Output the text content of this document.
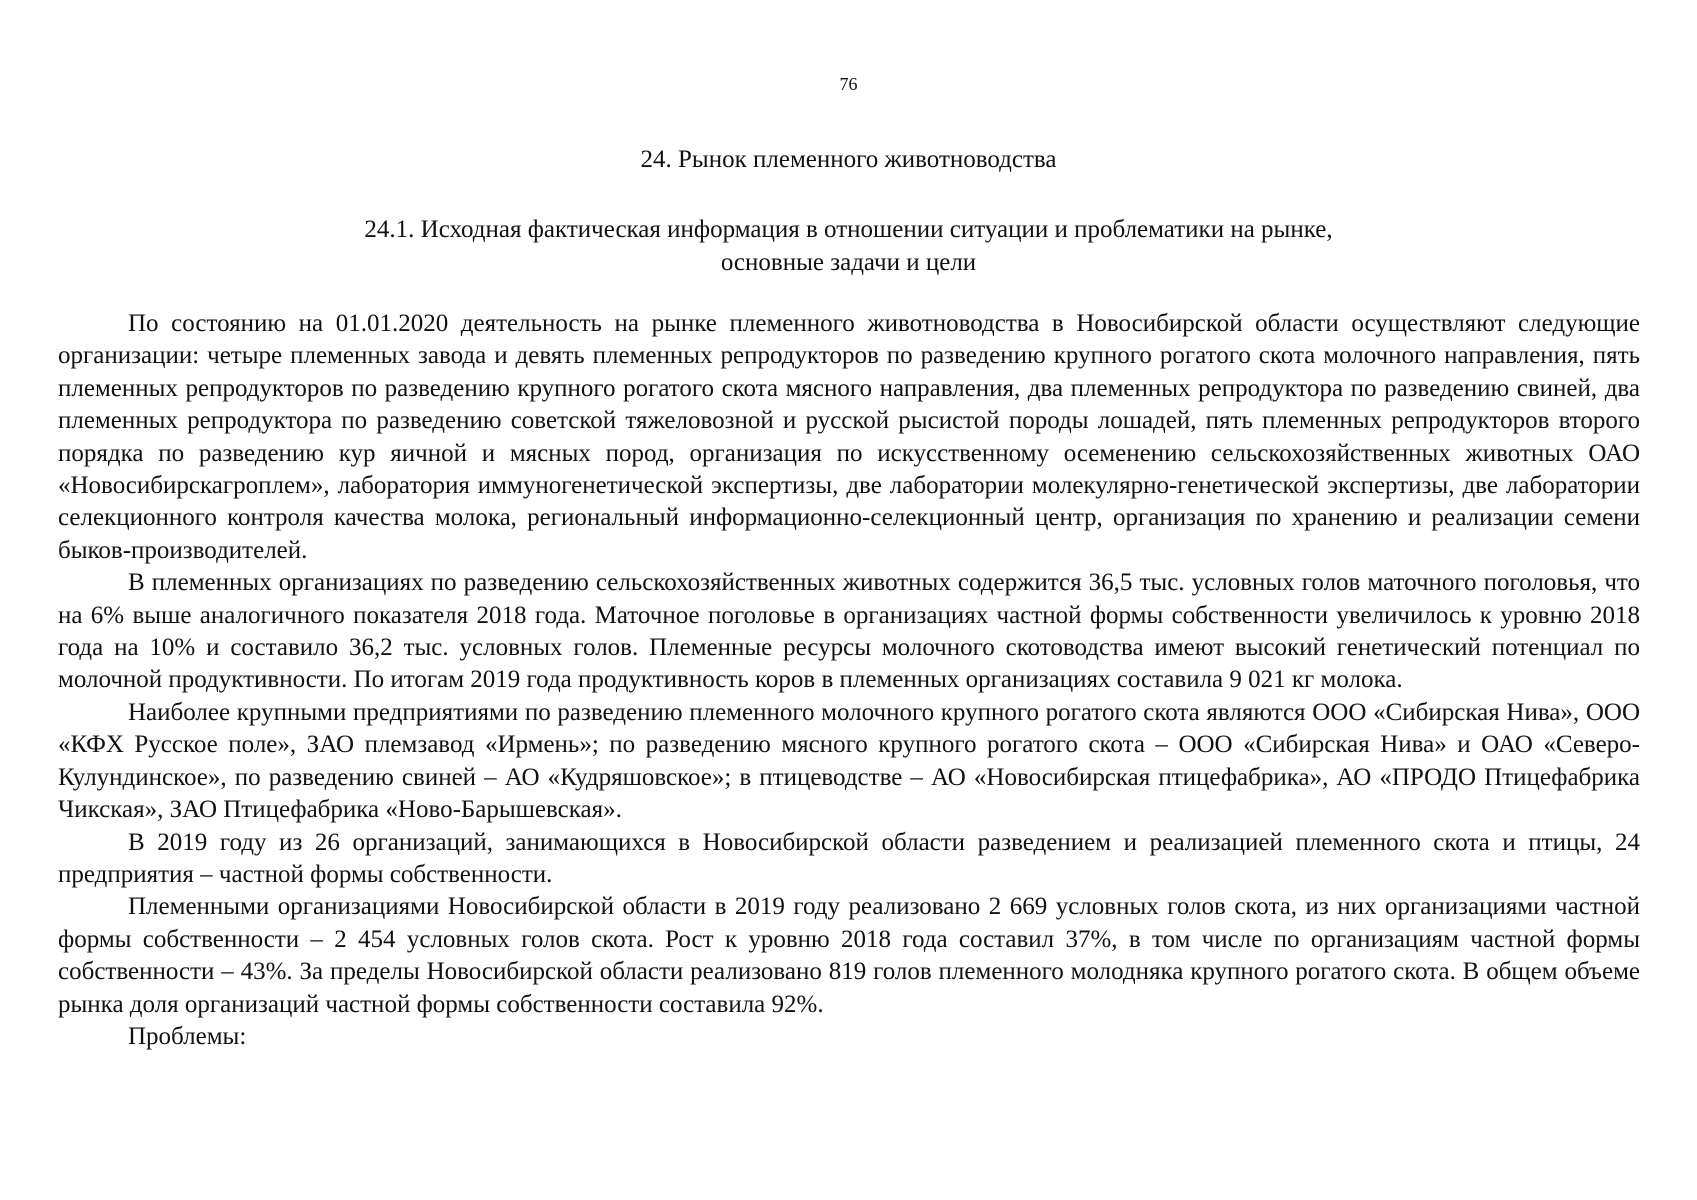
76
24. Рынок племенного животноводства
24.1. Исходная фактическая информация в отношении ситуации и проблематики на рынке,
основные задачи и цели

По состоянию на 01.01.2020 деятельность на рынке племенного животноводства в Новосибирской области осуществляют следующие организации: четыре племенных завода и девять племенных репродукторов по разведению крупного рогатого скота молочного направления, пять племенных репродукторов по разведению крупного рогатого скота мясного направления, два племенных репродуктора по разведению свиней, два племенных репродуктора по разведению советской тяжеловозной и русской рысистой породы лошадей, пять племенных репродукторов второго порядка по разведению кур яичной и мясных пород, организация по искусственному осеменению сельскохозяйственных животных ОАО «Новосибирскагроплем», лаборатория иммуногенетической экспертизы, две лаборатории молекулярно-генетической экспертизы, две лаборатории селекционного контроля качества молока, региональный информационно-селекционный центр, организация по хранению и реализации семени быков-производителей.

В племенных организациях по разведению сельскохозяйственных животных содержится 36,5 тыс. условных голов маточного поголовья, что на 6% выше аналогичного показателя 2018 года. Маточное поголовье в организациях частной формы собственности увеличилось к уровню 2018 года на 10% и составило 36,2 тыс. условных голов. Племенные ресурсы молочного скотоводства имеют высокий генетический потенциал по молочной продуктивности. По итогам 2019 года продуктивность коров в племенных организациях составила 9 021 кг молока.

Наиболее крупными предприятиями по разведению племенного молочного крупного рогатого скота являются ООО «Сибирская Нива», ООО «КФХ Русское поле», ЗАО племзавод «Ирмень»; по разведению мясного крупного рогатого скота – ООО «Сибирская Нива» и ОАО «Северо-Кулундинское», по разведению свиней – АО «Кудряшовское»; в птицеводстве – АО «Новосибирская птицефабрика», АО «ПРОДО Птицефабрика Чикская», ЗАО Птицефабрика «Ново-Барышевская».

В 2019 году из 26 организаций, занимающихся в Новосибирской области разведением и реализацией племенного скота и птицы, 24 предприятия – частной формы собственности.

Племенными организациями Новосибирской области в 2019 году реализовано 2 669 условных голов скота, из них организациями частной формы собственности – 2 454 условных голов скота. Рост к уровню 2018 года составил 37%, в том числе по организациям частной формы собственности – 43%. За пределы Новосибирской области реализовано 819 голов племенного молодняка крупного рогатого скота. В общем объеме рынка доля организаций частной формы собственности составила 92%.

Проблемы:
